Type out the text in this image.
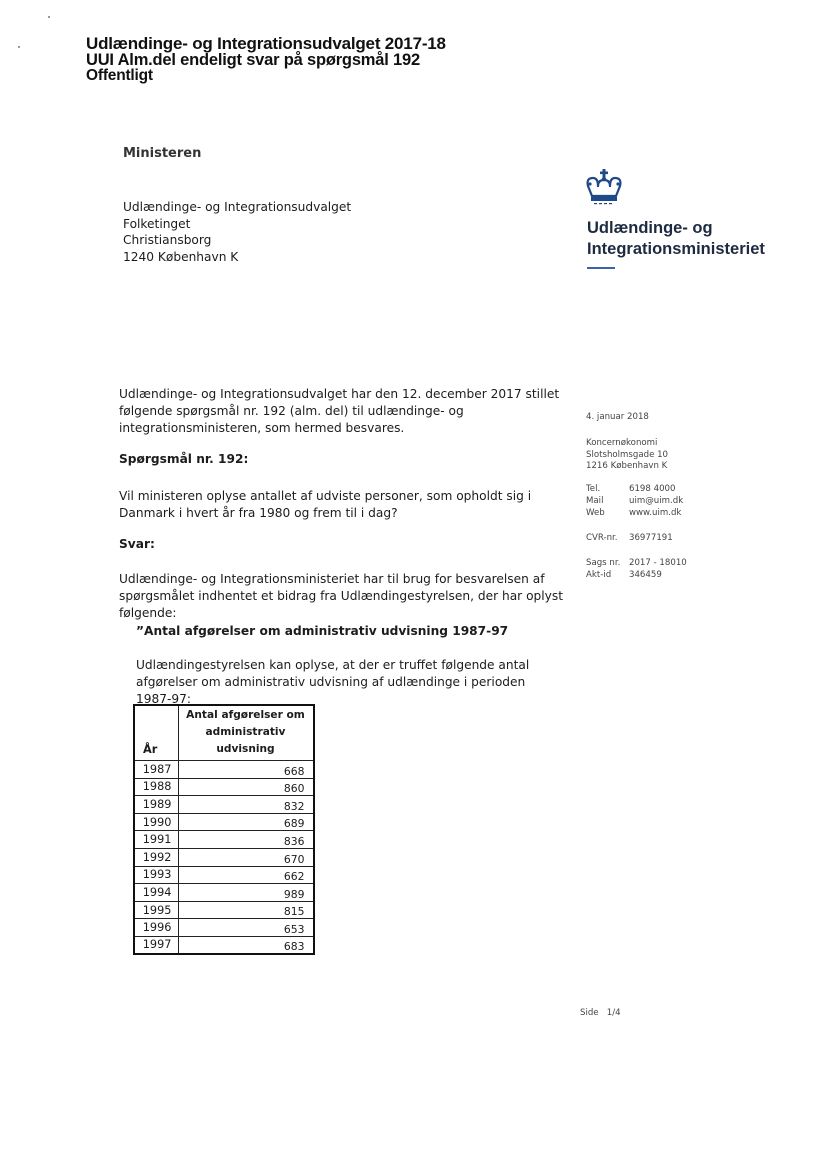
Udlændinge- og Integrationsudvalget 2017-18
UUI Alm.del endeligt svar på spørgsmål 192
Offentligt
Ministeren
Udlændinge- og Integrationsudvalget
Folketinget
Christiansborg
1240 København K
Udlændinge- og
Integrationsministeriet
Udlændinge- og Integrationsudvalget har den 12. december 2017 stillet følgende spørgsmål nr. 192 (alm. del) til udlændinge- og integrationsministeren, som hermed besvares.
Spørgsmål nr. 192:
Vil ministeren oplyse antallet af udviste personer, som opholdt sig i Danmark i hvert år fra 1980 og frem til i dag?
Svar:
Udlændinge- og Integrationsministeriet har til brug for besvarelsen af spørgsmålet indhentet et bidrag fra Udlændingestyrelsen, der har oplyst følgende:
”Antal afgørelser om administrativ udvisning 1987-97
Udlændingestyrelsen kan oplyse, at der er truffet følgende antal afgørelser om administrativ udvisning af udlændinge i perioden 1987-97:
4. januar 2018
Koncernøkonomi
Slotsholmsgade 10
1216 København K
Tel.	6198 4000
Mail	uim@uim.dk
Web	www.uim.dk
CVR-nr. 36977191
Sags nr. 2017 - 18010
Akt-id 346459
År	Antal afgørelser om administrativ udvisning
1987	668
1988	860
1989	832
1990	689
1991	836
1992	670
1993	662
1994	989
1995	815
1996	653
1997	683
Side 1/4
